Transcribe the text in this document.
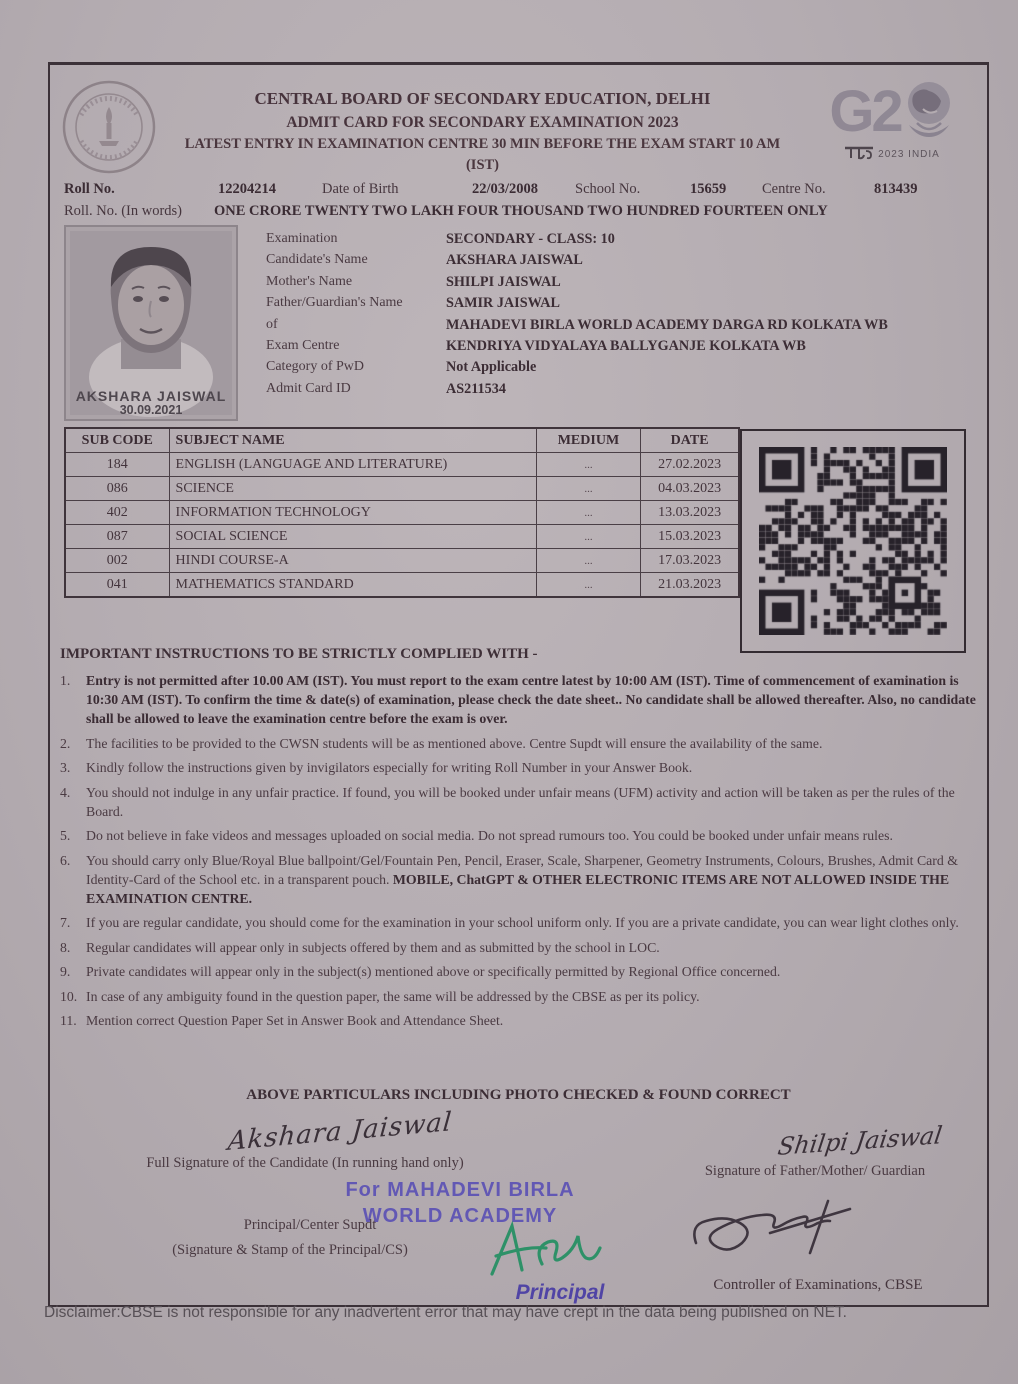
CENTRAL BOARD OF SECONDARY EDUCATION, DELHI
ADMIT CARD FOR SECONDARY EXAMINATION 2023
LATEST ENTRY IN EXAMINATION CENTRE 30 MIN BEFORE THE EXAM START 10 AM (IST)
G2
2023 INDIA
Roll No.	12204214	Date of Birth	22/03/2008	School No.	15659 Centre No.	813439
Roll. No. (In words) ONE CRORE TWENTY TWO LAKH FOUR THOUSAND TWO HUNDRED FOURTEEN ONLY
AKSHARA JAISWAL
30.09.2021
Examination	SECONDARY - CLASS: 10
Candidate's Name	AKSHARA JAISWAL
Mother's Name	SHILPI JAISWAL
Father/Guardian's Name	SAMIR JAISWAL
of	MAHADEVI BIRLA WORLD ACADEMY DARGA RD KOLKATA WB
Exam Centre	KENDRIYA VIDYALAYA BALLYGANJE KOLKATA WB
Category of PwD	Not Applicable
Admit Card ID	AS211534
SUB CODE	SUBJECT NAME	MEDIUM	DATE
184	ENGLISH (LANGUAGE AND LITERATURE)	...	27.02.2023
086	SCIENCE	...	04.03.2023
402	INFORMATION TECHNOLOGY	...	13.03.2023
087	SOCIAL SCIENCE	...	15.03.2023
002	HINDI COURSE-A	...	17.03.2023
041	MATHEMATICS STANDARD	...	21.03.2023
IMPORTANT INSTRUCTIONS TO BE STRICTLY COMPLIED WITH -
1.	Entry is not permitted after 10.00 AM (IST). You must report to the exam centre latest by 10:00 AM (IST). Time of commencement of examination is 10:30 AM (IST). To confirm the time & date(s) of examination, please check the date sheet.. No candidate shall be allowed thereafter. Also, no candidate shall be allowed to leave the examination centre before the exam is over.
2.	The facilities to be provided to the CWSN students will be as mentioned above. Centre Supdt will ensure the availability of the same.
3.	Kindly follow the instructions given by invigilators especially for writing Roll Number in your Answer Book.
4.	You should not indulge in any unfair practice. If found, you will be booked under unfair means (UFM) activity and action will be taken as per the rules of the Board.
5.	Do not believe in fake videos and messages uploaded on social media. Do not spread rumours too. You could be booked under unfair means rules.
6.	You should carry only Blue/Royal Blue ballpoint/Gel/Fountain Pen, Pencil, Eraser, Scale, Sharpener, Geometry Instruments, Colours, Brushes, Admit Card & Identity-Card of the School etc. in a transparent pouch. MOBILE, ChatGPT & OTHER ELECTRONIC ITEMS ARE NOT ALLOWED INSIDE THE EXAMINATION CENTRE.
7.	If you are regular candidate, you should come for the examination in your school uniform only. If you are a private candidate, you can wear light clothes only.
8.	Regular candidates will appear only in subjects offered by them and as submitted by the school in LOC.
9.	Private candidates will appear only in the subject(s) mentioned above or specifically permitted by Regional Office concerned.
10. In case of any ambiguity found in the question paper, the same will be addressed by the CBSE as per its policy.
11. Mention correct Question Paper Set in Answer Book and Attendance Sheet.
ABOVE PARTICULARS INCLUDING PHOTO CHECKED & FOUND CORRECT
Akshara Jaiswal
Full Signature of the Candidate (In running hand only)
For MAHADEVI BIRLA
WORLD ACADEMY
Principal/Center Supdt
(Signature & Stamp of the Principal/CS)
Principal
Shilpi Jaiswal
Signature of Father/Mother/ Guardian
Controller of Examinations, CBSE
Disclaimer:CBSE is not responsible for any inadvertent error that may have crept in the data being published on NET.
